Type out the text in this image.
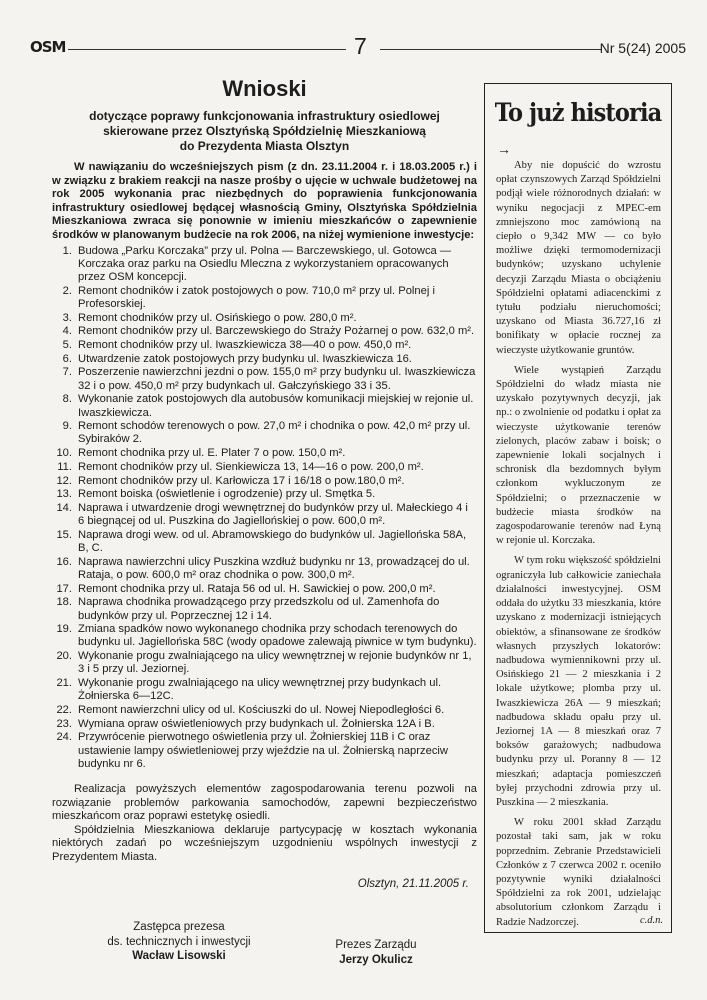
OSM	7	Nr 5(24) 2005
Wnioski
dotyczące poprawy funkcjonowania infrastruktury osiedlowej
skierowane przez Olsztyńską Spółdzielnię Mieszkaniową
do Prezydenta Miasta Olsztyn
W nawiązaniu do wcześniejszych pism (z dn. 23.11.2004 r. i 18.03.2005 r.) i w związku z brakiem reakcji na nasze prośby o ujęcie w uchwale budżetowej na rok 2005 wykonania prac niezbędnych do poprawienia funkcjonowania infrastruktury osiedlowej będącej własnością Gminy, Olsztyńska Spółdzielnia Mieszkaniowa zwraca się ponownie w imieniu mieszkańców o zapewnienie środków w planowanym budżecie na rok 2006, na niżej wymienione inwestycje:
1. Budowa „Parku Korczaka” przy ul. Polna — Barczewskiego, ul. Gotowca — Korczaka oraz parku na Osiedlu Mleczna z wykorzystaniem opracowanych przez OSM koncepcji.
2. Remont chodników i zatok postojowych o pow. 710,0 m² przy ul. Polnej i Profesorskiej.
3. Remont chodników przy ul. Osińskiego o pow. 280,0 m².
4. Remont chodników przy ul. Barczewskiego do Straży Pożarnej o pow. 632,0 m².
5. Remont chodników przy ul. Iwaszkiewicza 38—40 o pow. 450,0 m².
6. Utwardzenie zatok postojowych przy budynku ul. Iwaszkiewicza 16.
7. Poszerzenie nawierzchni jezdni o pow. 155,0 m² przy budynku ul. Iwaszkiewicza 32 i o pow. 450,0 m² przy budynkach ul. Gałczyńskiego 33 i 35.
8. Wykonanie zatok postojowych dla autobusów komunikacji miejskiej w rejonie ul. Iwaszkiewicza.
9. Remont schodów terenowych o pow. 27,0 m² i chodnika o pow. 42,0 m² przy ul. Sybiraków 2.
10. Remont chodnika przy ul. E. Plater 7 o pow. 150,0 m².
11. Remont chodników przy ul. Sienkiewicza 13, 14—16 o pow. 200,0 m².
12. Remont chodników przy ul. Karłowicza 17 i 16/18 o pow.180,0 m².
13. Remont boiska (oświetlenie i ogrodzenie) przy ul. Smętka 5.
14. Naprawa i utwardzenie drogi wewnętrznej do budynków przy ul. Małeckiego 4 i 6 biegnącej od ul. Puszkina do Jagiellońskiej o pow. 600,0 m².
15. Naprawa drogi wew. od ul. Abramowskiego do budynków ul. Jagiellońska 58A, B, C.
16. Naprawa nawierzchni ulicy Puszkina wzdłuż budynku nr 13, prowadzącej do ul. Rataja, o pow. 600,0 m² oraz chodnika o pow. 300,0 m².
17. Remont chodnika przy ul. Rataja 56 od ul. H. Sawickiej o pow. 200,0 m².
18. Naprawa chodnika prowadzącego przy przedszkolu od ul. Zamenhofa do budynków przy ul. Poprzecznej 12 i 14.
19. Zmiana spadków nowo wykonanego chodnika przy schodach terenowych do budynku ul. Jagiellońska 58C (wody opadowe zalewają piwnice w tym budynku).
20. Wykonanie progu zwalniającego na ulicy wewnętrznej w rejonie budynków nr 1, 3 i 5 przy ul. Jeziornej.
21. Wykonanie progu zwalniającego na ulicy wewnętrznej przy budynkach ul. Żołnierska 6—12C.
22. Remont nawierzchni ulicy od ul. Kościuszki do ul. Nowej Niepodległości 6.
23. Wymiana opraw oświetleniowych przy budynkach ul. Żołnierska 12A i B.
24. Przywrócenie pierwotnego oświetlenia przy ul. Żołnierskiej 11B i C oraz ustawienie lampy oświetleniowej przy wjeździe na ul. Żołnierską naprzeciw budynku nr 6.

Realizacja powyższych elementów zagospodarowania terenu pozwoli na rozwiązanie problemów parkowania samochodów, zapewni bezpieczeństwo mieszkańcom oraz poprawi estetykę osiedli.

Spółdzielnia Mieszkaniowa deklaruje partycypację w kosztach wykonania niektórych zadań po wcześniejszym uzgodnieniu wspólnych inwestycji z Prezydentem Miasta.

Olsztyn, 21.11.2005 r.
Zastępca prezesa
ds. technicznych i inwestycji
Wacław Lisowski
Prezes Zarządu
Jerzy Okulicz
To już historia
→

Aby nie dopuścić do wzrostu opłat czynszowych Zarząd Spółdzielni podjął wiele różnorodnych działań: w wyniku negocjacji z MPEC-em zmniejszono moc zamówioną na ciepło o 9,342 MW — co było możliwe dzięki termomodernizacji budynków; uzyskano uchylenie decyzji Zarządu Miasta o obciążeniu Spółdzielni opłatami adiacenckimi z tytułu podziału nieruchomości; uzyskano od Miasta 36.727,16 zł bonifikaty w opłacie rocznej za wieczyste użytkowanie gruntów.

Wiele wystąpień Zarządu Spółdzielni do władz miasta nie uzyskało pozytywnych decyzji, jak np.: o zwolnienie od podatku i opłat za wieczyste użytkowanie terenów zielonych, placów zabaw i boisk; o zapewnienie lokali socjalnych i schronisk dla bezdomnych byłym członkom wykluczonym ze Spółdzielni; o przeznaczenie w budżecie miasta środków na zagospodarowanie terenów nad Łyną w rejonie ul. Korczaka.

W tym roku większość spółdzielni ograniczyła lub całkowicie zaniechała działalności inwestycyjnej. OSM oddała do użytku 33 mieszkania, które uzyskano z modernizacji istniejących obiektów, a sfinansowane ze środków własnych przyszłych lokatorów: nadbudowa wymiennikowni przy ul. Osińskiego 21 — 2 mieszkania i 2 lokale użytkowe; plomba przy ul. Iwaszkiewicza 26A — 9 mieszkań; nadbudowa składu opału przy ul. Jeziornej 1A — 8 mieszkań oraz 7 boksów garażowych; nadbudowa budynku przy ul. Poranny 8 — 12 mieszkań; adaptacja pomieszczeń byłej przychodni zdrowia przy ul. Puszkina — 2 mieszkania.

W roku 2001 skład Zarządu pozostał taki sam, jak w roku poprzednim. Zebranie Przedstawicieli Członków z 7 czerwca 2002 r. oceniło pozytywnie wyniki działalności Spółdzielni za rok 2001, udzielając absolutorium członkom Zarządu i Radzie Nadzorczej.	c.d.n.
